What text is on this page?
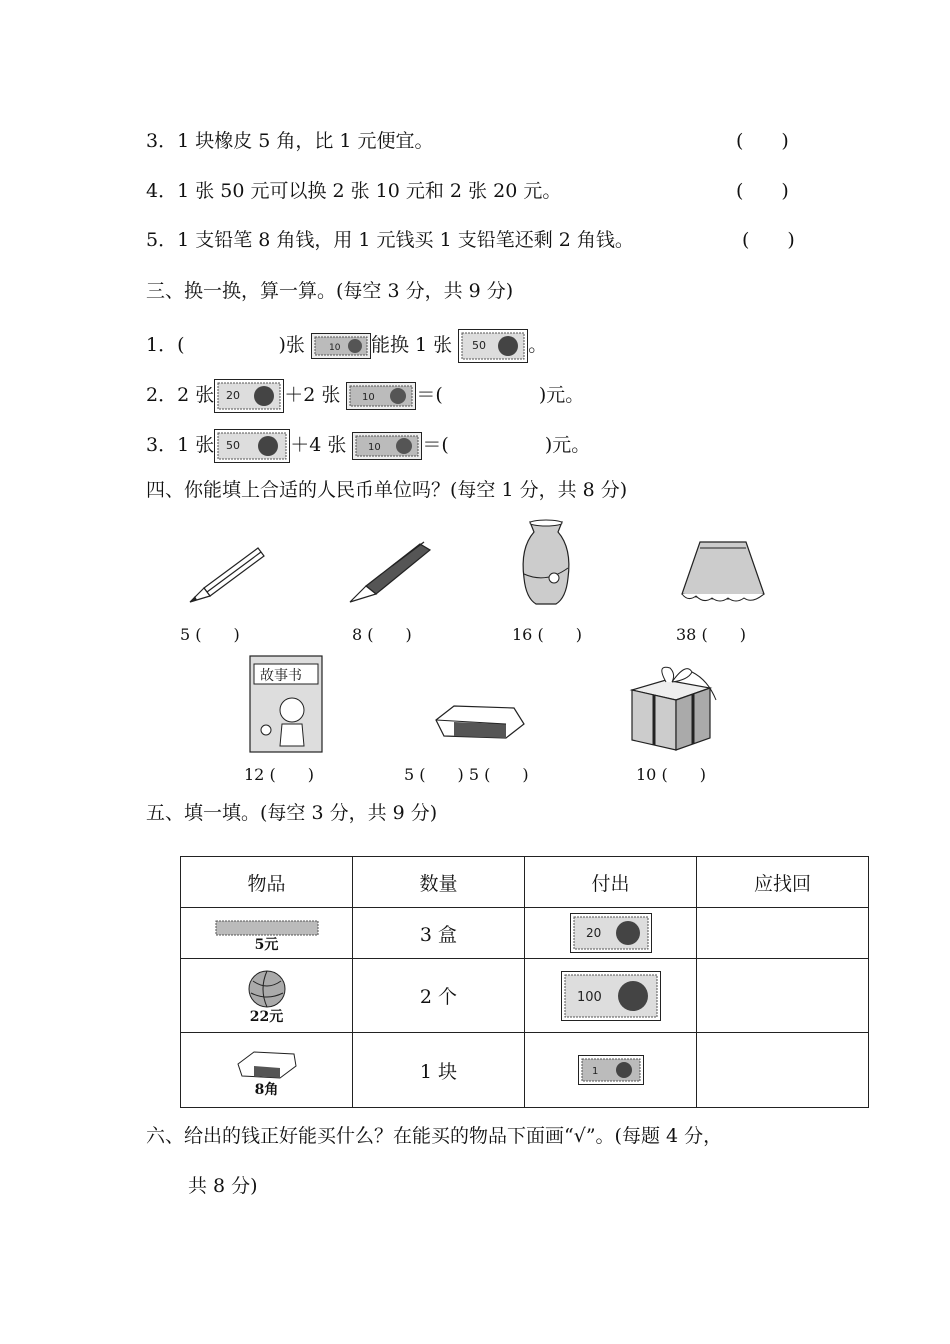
3．1 块橡皮 5 角，比 1 元便宜。	(　　)
4．1 张 50 元可以换 2 张 10 元和 2 张 20 元。	(　　)
5．1 支铅笔 8 角钱，用 1 元钱买 1 支铅笔还剩 2 角钱。	(　　)
三、换一换，算一算。(每空 3 分，共 9 分)
1．(	)张	10 能换 1 张 50 。
2．2 张 20 ＋2 张 10 ＝(	)元。
3．1 张 50	＋4 张 10 ＝(	)元。
四、你能填上合适的人民币单位吗？(每空 1 分，共 8 分)
5 (　　)	8 (　　)	16 (　　)	38 (　　)
故事书
12 (　　)	5 (　　) 5 (　　)	10 (　　)
五、填一填。(每空 3 分，共 9 分)
物品	数量	付出	应找回

5元	3 盒	20	

22元	2 个	100	

8角	1 块	1	

六、给出的钱正好能买什么？在能买的物品下面画“√”。(每题 4 分，
共 8 分)
